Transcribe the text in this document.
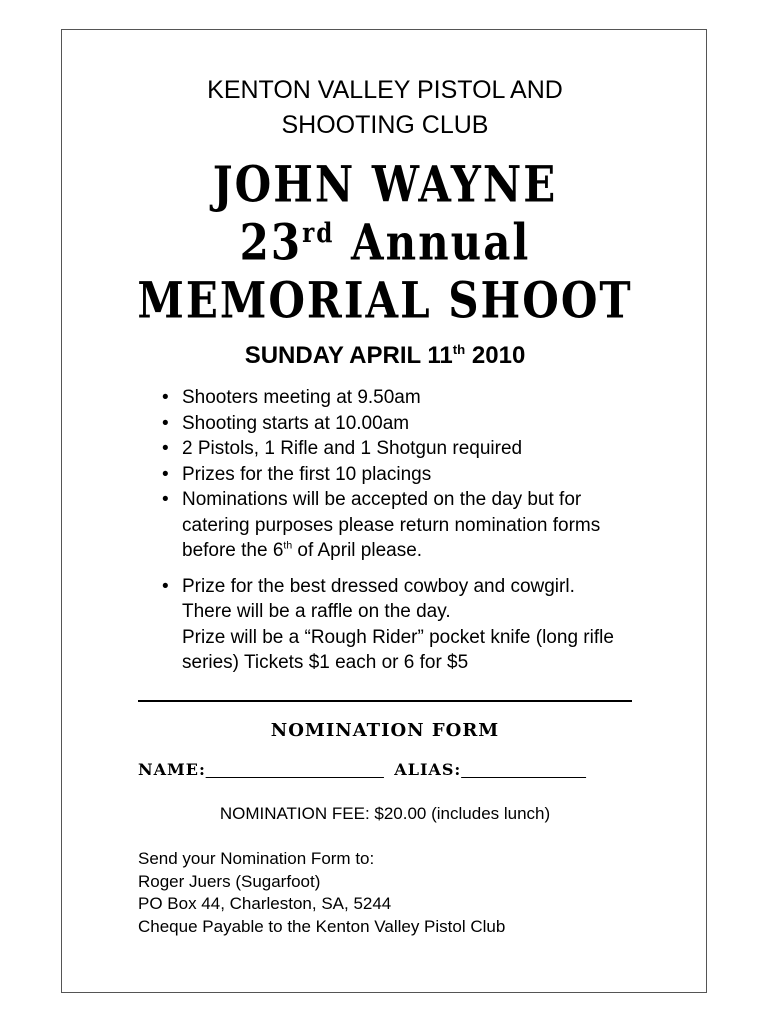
KENTON VALLEY PISTOL AND
SHOOTING CLUB
JOHN WAYNE
23rd Annual
MEMORIAL SHOOT
SUNDAY APRIL 11th 2010
• Shooters meeting at 9.50am
• Shooting starts at 10.00am
• 2 Pistols, 1 Rifle and 1 Shotgun required
• Prizes for the first 10 placings
• Nominations will be accepted on the day but for catering purposes please return nomination forms before the 6th of April please.
• Prize for the best dressed cowboy and cowgirl.
There will be a raffle on the day.
Prize will be a “Rough Rider” pocket knife (long rifle series) Tickets $1 each or 6 for $5
NOMINATION FORM
NAME:____________________ ALIAS:______________
NOMINATION FEE: $20.00 (includes lunch)
Send your Nomination Form to:
Roger Juers (Sugarfoot)
PO Box 44, Charleston, SA, 5244
Cheque Payable to the Kenton Valley Pistol Club
